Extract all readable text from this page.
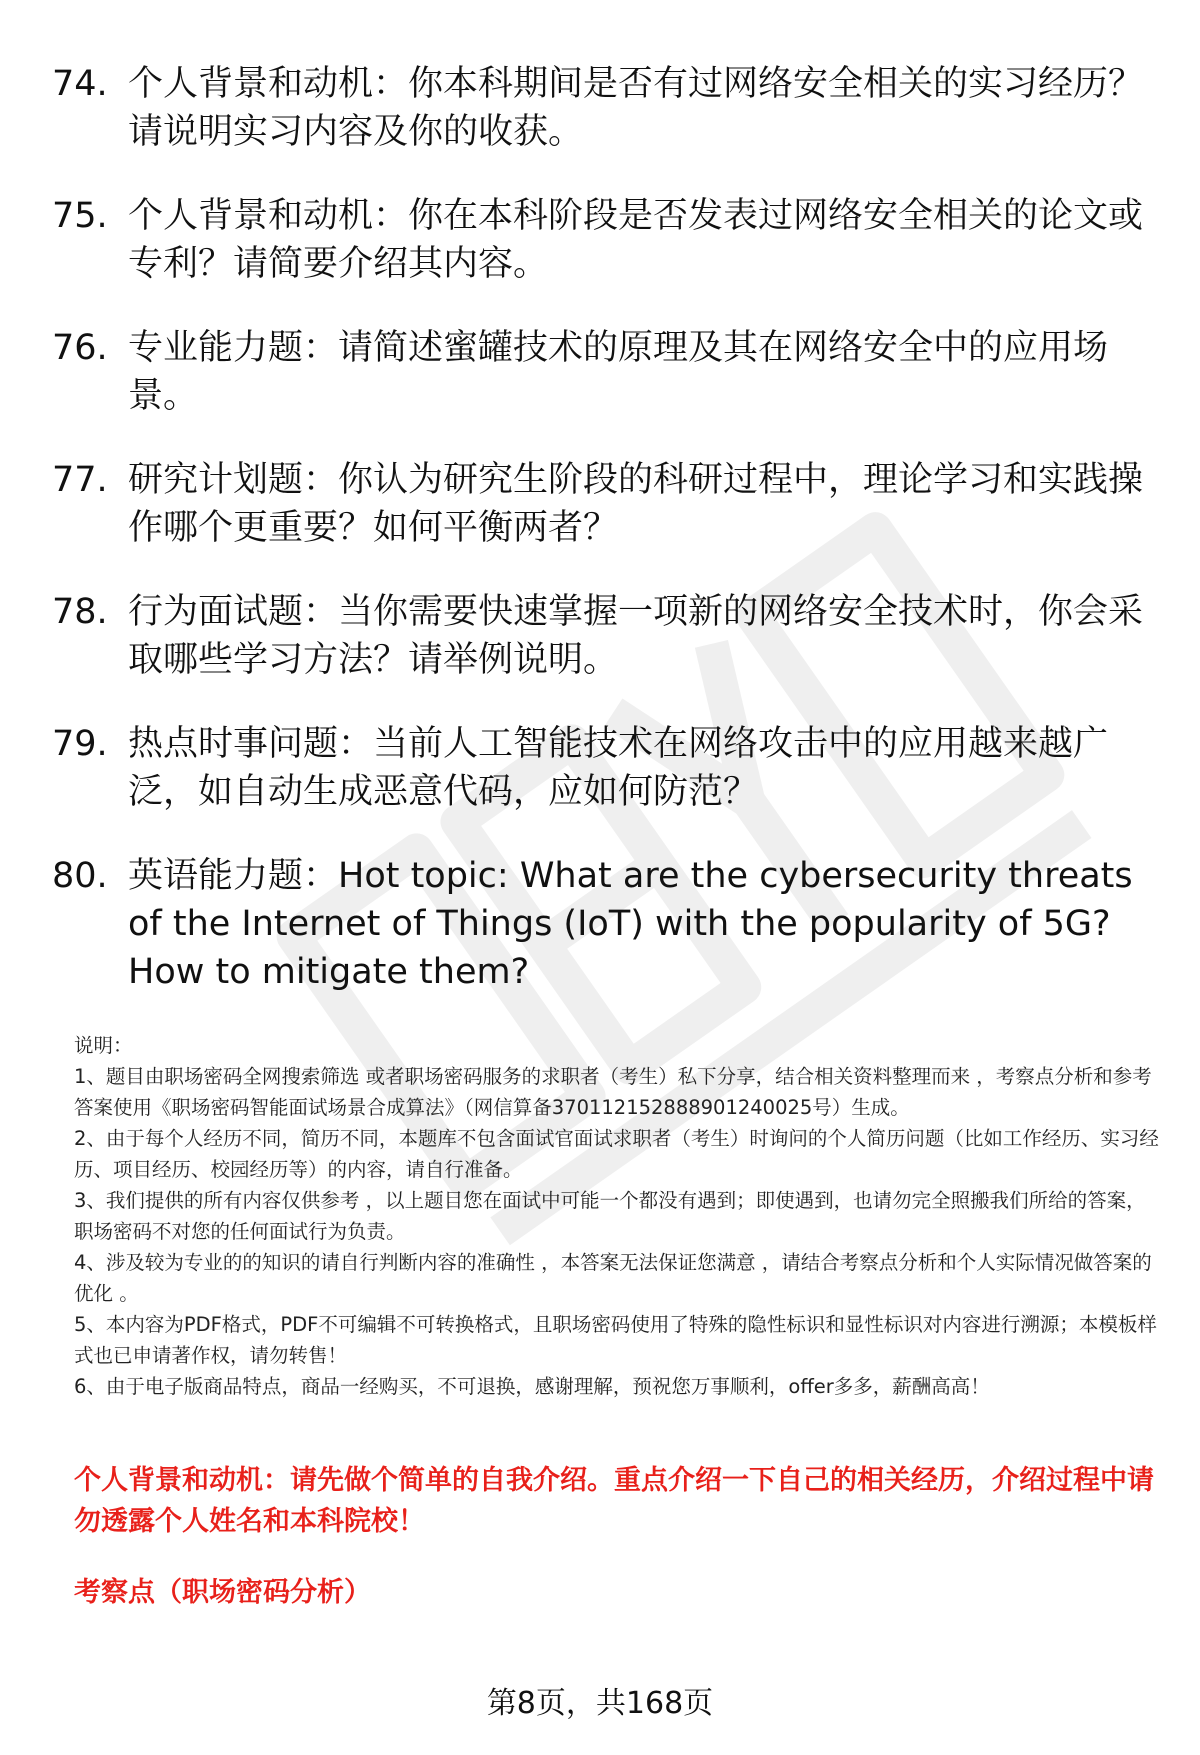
74. 个人背景和动机：你本科期间是否有过网络安全相关的实习经历？请说明实习内容及你的收获。
75. 个人背景和动机：你在本科阶段是否发表过网络安全相关的论文或专利？请简要介绍其内容。
76. 专业能力题：请简述蜜罐技术的原理及其在网络安全中的应用场景。
77. 研究计划题：你认为研究生阶段的科研过程中，理论学习和实践操作哪个更重要？如何平衡两者？
78. 行为面试题：当你需要快速掌握一项新的网络安全技术时，你会采取哪些学习方法？请举例说明。
79. 热点时事问题：当前人工智能技术在网络攻击中的应用越来越广泛，如自动生成恶意代码，应如何防范？
80. 英语能力题：Hot topic: What are the cybersecurity threats of the Internet of Things (IoT) with the popularity of 5G? How to mitigate them?

说明：

1、题目由职场密码全网搜索筛选 或者职场密码服务的求职者（考生）私下分享，结合相关资料整理而来 ，考察点分析和参考答案使用《职场密码智能面试场景合成算法》（网信算备370112152888901240025号）生成。

2、由于每个人经历不同，简历不同，本题库不包含面试官面试求职者（考生）时询问的个人简历问题（比如工作经历、实习经历、项目经历、校园经历等）的内容，请自行准备。

3、我们提供的所有内容仅供参考 ，以上题目您在面试中可能一个都没有遇到；即使遇到，也请勿完全照搬我们所给的答案，职场密码不对您的任何面试行为负责。

4、涉及较为专业的的知识的请自行判断内容的准确性 ，本答案无法保证您满意 ，请结合考察点分析和个人实际情况做答案的优化 。

5、本内容为PDF格式，PDF不可编辑不可转换格式，且职场密码使用了特殊的隐性标识和显性标识对内容进行溯源；本模板样式也已申请著作权，请勿转售！

6、由于电子版商品特点，商品一经购买，不可退换，感谢理解，预祝您万事顺利，offer多多，薪酬高高！

个人背景和动机：请先做个简单的自我介绍。重点介绍一下自己的相关经历，介绍过程中请勿透露个人姓名和本科院校！

考察点（职场密码分析）

第8页，共168页
